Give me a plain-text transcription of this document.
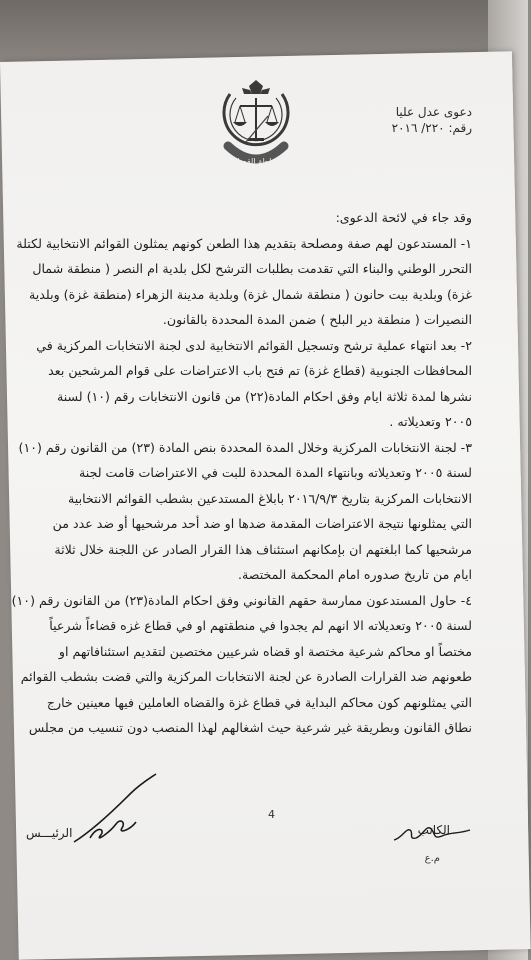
السلطة القضائية
دعوى عدل عليا
رقم: ٢٢٠/ ٢٠١٦
وقد جاء في لائحة الدعوى:
١- المستدعون لهم صفة ومصلحة بتقديم هذا الطعن كونهم يمثلون القوائم الانتخابية لكتلة
التحرر الوطني والبناء التي تقدمت بطلبات الترشح لكل بلدية ام النصر ( منطقة شمال
غزة) وبلدية بيت حانون ( منطقة شمال غزة) وبلدية مدينة الزهراء (منطقة غزة) وبلدية
النصيرات ( منطقة دير البلح ) ضمن المدة المحددة بالقانون.
٢- بعد انتهاء عملية ترشح وتسجيل القوائم الانتخابية لدى لجنة الانتخابات المركزية في
المحافظات الجنوبية (قطاع غزة) تم فتح باب الاعتراضات على قوام المرشحين بعد
نشرها لمدة ثلاثة ايام وفق احكام المادة(٢٢) من قانون الانتخابات رقم (١٠) لسنة
٢٠٠٥ وتعديلاته .
٣- لجنة الانتخابات المركزية وخلال المدة المحددة بنص المادة (٢٣) من القانون رقم (١٠)
لسنة ٢٠٠٥ وتعديلاته وبانتهاء المدة المحددة للبت في الاعتراضات قامت لجنة
الانتخابات المركزية بتاريخ ٢٠١٦/٩/٣ بابلاغ المستدعين بشطب القوائم الانتخابية
التي يمثلونها نتيجة الاعتراضات المقدمة ضدها او ضد أحد مرشحيها أو ضد عدد من
مرشحيها كما ابلغتهم ان بإمكانهم استئناف هذا القرار الصادر عن اللجنة خلال ثلاثة
ايام من تاريخ صدوره امام المحكمة المختصة.
٤- حاول المستدعون ممارسة حقهم القانوني وفق احكام المادة(٢٣) من القانون رقم (١٠)
لسنة ٢٠٠٥ وتعديلاته الا انهم لم يجدوا في منطقتهم او في قطاع غزه قضاءاً شرعياً
مختصاً او محاكم شرعية مختصة او قضاه شرعيين مختصين لتقديم استئنافاتهم او
طعونهم ضد القرارات الصادرة عن لجنة الانتخابات المركزية والتي قضت بشطب القوائم
التي يمثلونهم كون محاكم البداية في قطاع غزة والقضاه العاملين فيها معينين خارج
نطاق القانون وبطريقة غير شرعية حيث اشغالهم لهذا المنصب دون تنسيب من مجلس
الرئيـــس
4
الكاتب
م.ع
